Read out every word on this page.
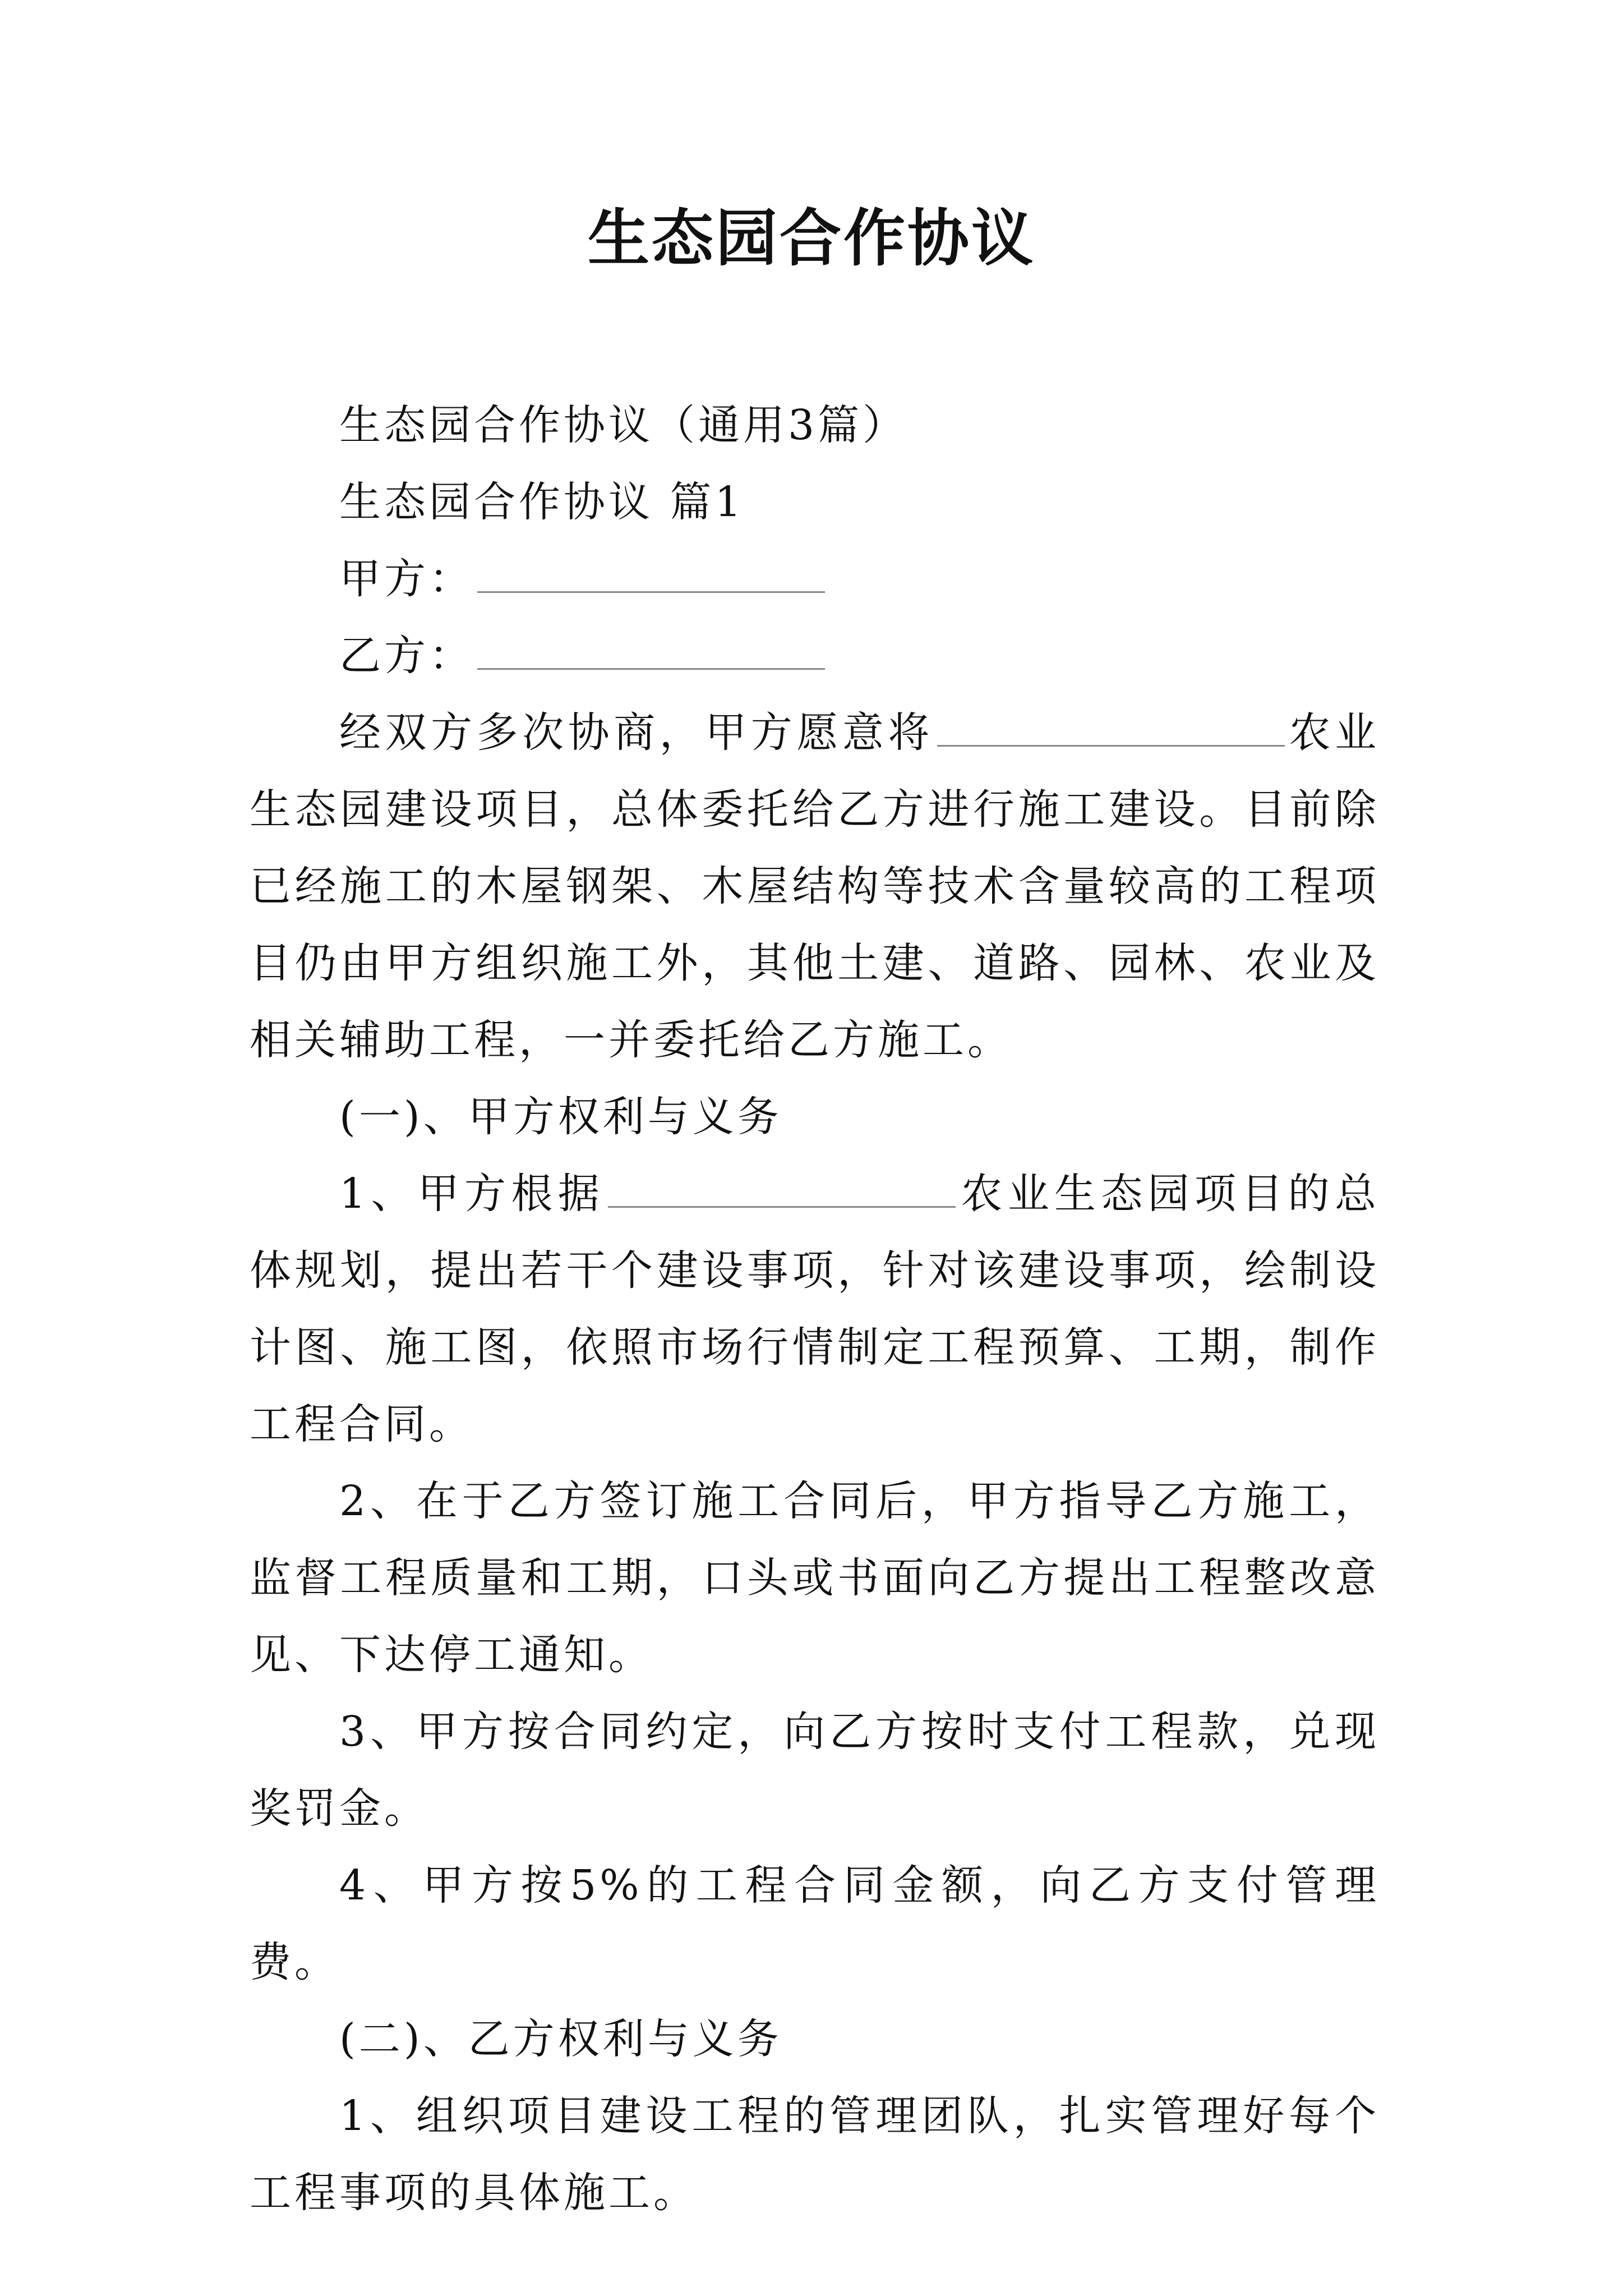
生态园合作协议

生态园合作协议（通用3篇）

生态园合作协议 篇1

甲方：

乙方：

经双方多次协商，甲方愿意将	农业生态园建设项目，总体委托给乙方进行施工建设。目前除已经施工的木屋钢架、木屋结构等技术含量较高的工程项目仍由甲方组织施工外，其他土建、道路、园林、农业及相关辅助工程，一并委托给乙方施工。

(一)、甲方权利与义务

1、甲方根据	农业生态园项目的总体规划，提出若干个建设事项，针对该建设事项，绘制设计图、施工图，依照市场行情制定工程预算、工期，制作工程合同。

2、在于乙方签订施工合同后，甲方指导乙方施工，监督工程质量和工期，口头或书面向乙方提出工程整改意见、下达停工通知。

3、甲方按合同约定，向乙方按时支付工程款，兑现奖罚金。

4、甲方按5%的工程合同金额，向乙方支付管理费。

(二)、乙方权利与义务

1、组织项目建设工程的管理团队，扎实管理好每个工程事项的具体施工。
